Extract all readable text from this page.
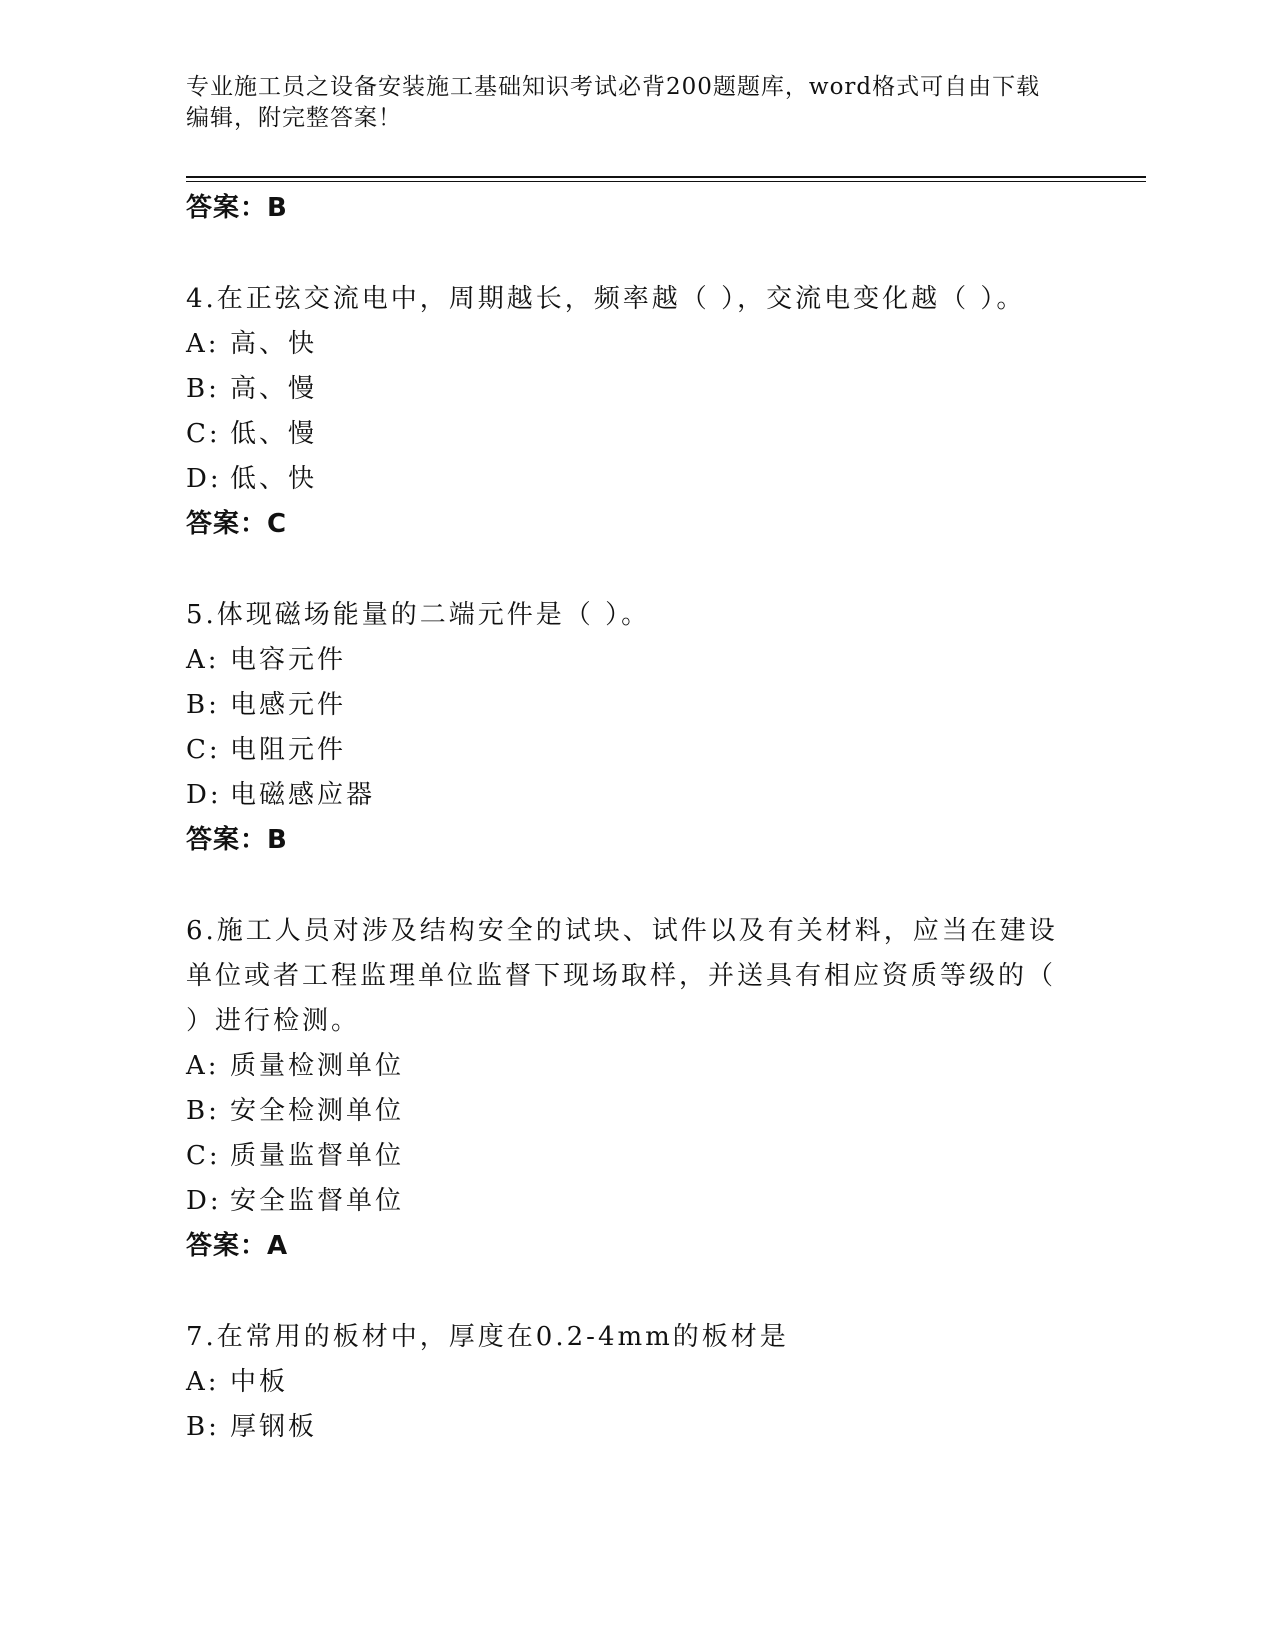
专业施工员之设备安装施工基础知识考试必背200题题库，word格式可自由下载
编辑，附完整答案！
答案：B
4.在正弦交流电中，周期越长，频率越（ ），交流电变化越（ ）。
A: 高、快
B: 高、慢
C: 低、慢
D: 低、快
答案：C
5.体现磁场能量的二端元件是（ ）。
A: 电容元件
B: 电感元件
C: 电阻元件
D: 电磁感应器
答案：B
6.施工人员对涉及结构安全的试块、试件以及有关材料，应当在建设
单位或者工程监理单位监督下现场取样，并送具有相应资质等级的（
）进行检测。
A: 质量检测单位
B: 安全检测单位
C: 质量监督单位
D: 安全监督单位
答案：A
7.在常用的板材中，厚度在0.2-4mm的板材是
A: 中板
B: 厚钢板
